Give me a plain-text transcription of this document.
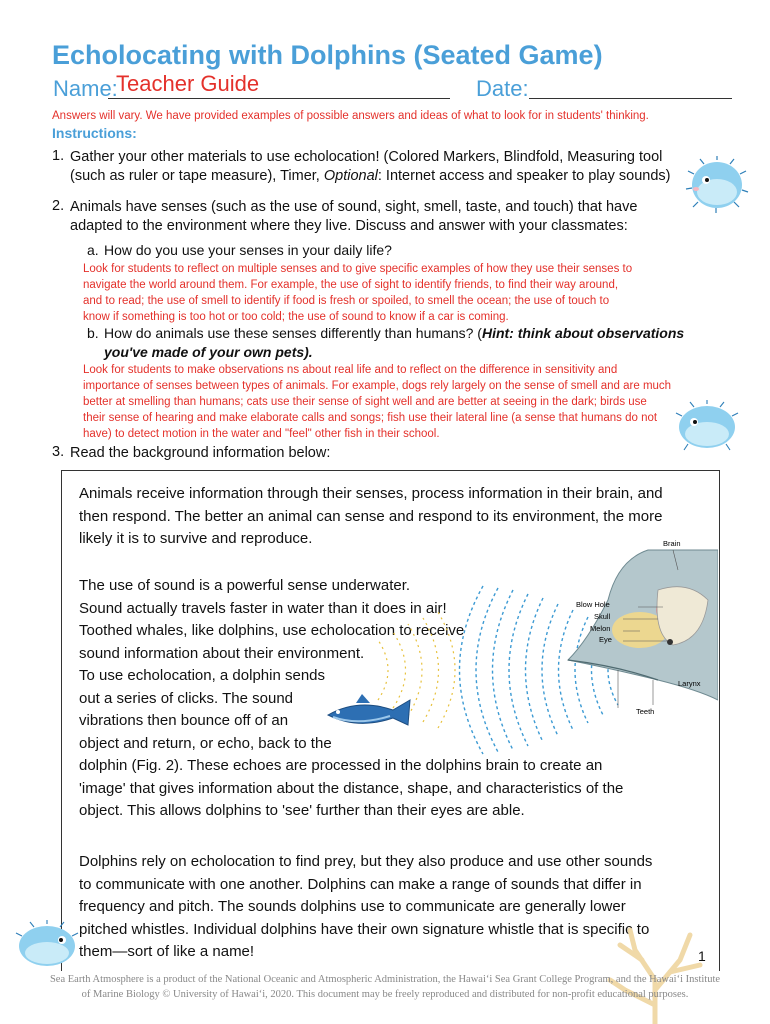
Echolocating with Dolphins (Seated Game)
Name:
Teacher Guide	Date:
Answers will vary. We have provided examples of possible answers and ideas of what to look for in students' thinking.
Instructions:
1. Gather your other materials to use echolocation! (Colored Markers, Blindfold, Measuring tool
(such as ruler or tape measure), Timer, Optional: Internet access and speaker to play sounds)
2. Animals have senses (such as the use of sound, sight, smell, taste, and touch) that have
adapted to the environment where they live. Discuss and answer with your classmates:
a. How do you use your senses in your daily life?
Look for students to reflect on multiple senses and to give specific examples of how they use their senses to
navigate the world around them. For example, the use of sight to identify friends, to find their way around,
and to read; the use of smell to identify if food is fresh or spoiled, to smell the ocean; the use of touch to
know if something is too hot or too cold; the use of sound to know if a car is coming.
b. How do animals use these senses differently than humans? (Hint: think about observations
you've made of your own pets).
Look for students to make observations ns about real life and to reflect on the difference in sensitivity and
importance of senses between types of animals. For example, dogs rely largely on the sense of smell and are much
better at smelling than humans; cats use their sense of sight well and are better at seeing in the dark; birds use
their sense of hearing and make elaborate calls and songs; fish use their lateral line (a sense that humans do not
have) to detect motion in the water and "feel" other fish in their school.
3. Read the background information below:
Animals receive information through their senses, process information in their brain, and
then respond. The better an animal can sense and respond to its environment, the more
likely it is to survive and reproduce.
The use of sound is a powerful sense underwater.
Sound actually travels faster in water than it does in air!
Toothed whales, like dolphins, use echolocation to receive
sound information about their environment.
To use echolocation, a dolphin sends
out a series of clicks. The sound
vibrations then bounce off of an
object and return, or echo, back to the
dolphin (Fig. 2). These echoes are processed in the dolphins brain to create an
'image' that gives information about the distance, shape, and characteristics of the
object. This allows dolphins to 'see' further than their eyes are able.
Dolphins rely on echolocation to find prey, but they also produce and use other sounds
to communicate with one another. Dolphins can make a range of sounds that differ in
frequency and pitch. The sounds dolphins use to communicate are generally lower
pitched whistles. Individual dolphins have their own signature whistle that is specific to
them—sort of like a name!
Brain
Blow Hole
Skull
Melon
Eye
Larynx
Teeth
1
Sea Earth Atmosphere is a product of the National Oceanic and Atmospheric Administration, the Hawaiʻi Sea Grant College Program, and the Hawaiʻi Institute
of Marine Biology © University of Hawaiʻi, 2020. This document may be freely reproduced and distributed for non-profit educational purposes.
